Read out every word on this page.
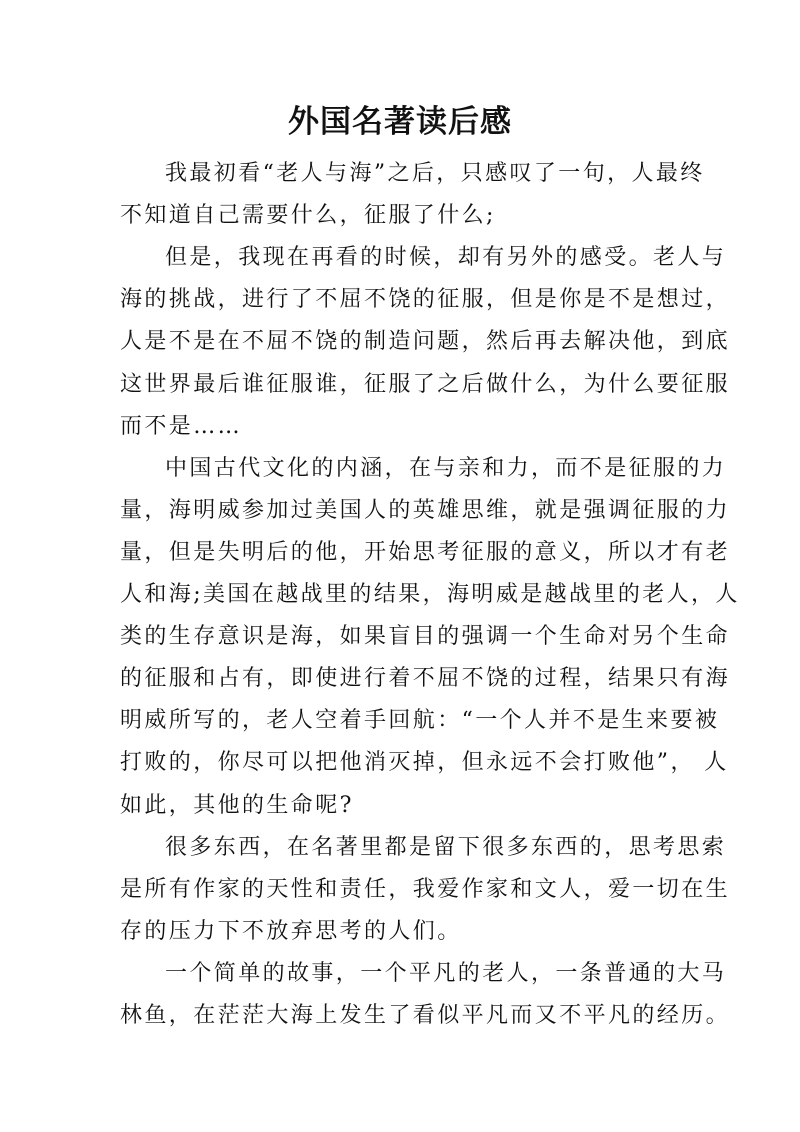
外国名著读后感
我最初看“老人与海”之后，只感叹了一句，人最终
不知道自己需要什么，征服了什么;
但是，我现在再看的时候，却有另外的感受。老人与
海的挑战，进行了不屈不饶的征服，但是你是不是想过，
人是不是在不屈不饶的制造问题，然后再去解决他，到底
这世界最后谁征服谁，征服了之后做什么，为什么要征服
而不是……
中国古代文化的内涵，在与亲和力，而不是征服的力
量，海明威参加过美国人的英雄思维，就是强调征服的力
量，但是失明后的他，开始思考征服的意义，所以才有老
人和海;美国在越战里的结果，海明威是越战里的老人，人
类的生存意识是海，如果盲目的强调一个生命对另个生命
的征服和占有，即使进行着不屈不饶的过程，结果只有海
明威所写的，老人空着手回航：“一个人并不是生来要被
打败的，你尽可以把他消灭掉，但永远不会打败他”， 人
如此，其他的生命呢?
很多东西，在名著里都是留下很多东西的，思考思索
是所有作家的天性和责任，我爱作家和文人，爱一切在生
存的压力下不放弃思考的人们。
一个简单的故事，一个平凡的老人，一条普通的大马
林鱼，在茫茫大海上发生了看似平凡而又不平凡的经历。
